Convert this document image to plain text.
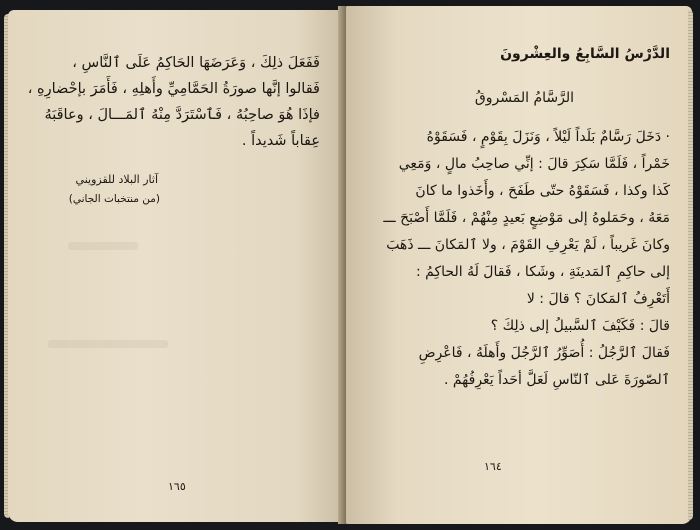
فَفَعَلَ ذلِكَ ، وَعَرَضَهَا الحَاكِمُ عَلَى ٱلنَّاسِ ،
فَقالوا إنَّها صورَةُ الحَمَّامِيِّ وأَهلِهِ ، فَأَمَرَ بإحْضارِهِ ،
فإذَا هُوَ صاحِبُهُ ، فَٱسْتَرَدَّ مِنْهُ ٱلمَـــالَ ، وعاقَبَهُ
عِقاباً شَديداً .
آثار البلاد للقزويني
(من منتخبات الجاني)
١٦٥
الدَّرْسُ السَّابِعُ والعِشْرونَ
الرَّسَّامُ المَسْروقُ
· دَخَلَ رَسَّامٌ بَلَداً لَيْلاً ، وَنَزَلَ بِقَوْمٍ ، فَسَقَوْهُ
خَمْراً ، فَلَمَّا سَكِرَ قالَ : إنِّي صاحِبُ مالٍ ، وَمَعِي
كَذا وكذا ، فَسَقَوْهُ حتّى طَفَحَ ، وأَخَذوا ما كانَ
مَعَهُ ، وحَمَلوهُ إلى مَوْضِعٍ بَعيدٍ مِنْهُمْ ، فَلَمَّا أَصْبَحَ ـــ
وكانَ غَريباً ، لَمْ يَعْرِفِ القَوْمَ ، ولا ٱلمَكانَ ـــ ذَهَبَ
إلى حاكِمِ ٱلمَدينَةِ ، وشَكا ، فَقالَ لَهُ الحاكِمُ :
أَتَعْرِفُ ٱلمَكانَ ؟ قالَ : لا
قالَ : فَكَيْفَ ٱلسَّبيلُ إلى ذلِكَ ؟
فَقالَ ٱلرَّجُلُ : أُصَوِّرُ ٱلرَّجُلَ وأَهلَهُ ، فَاعْرِضِ
ٱلصّورَةَ عَلى ٱلنّاسِ لَعَلَّ أحَداً يَعْرِفُهُمْ .
١٦٤
